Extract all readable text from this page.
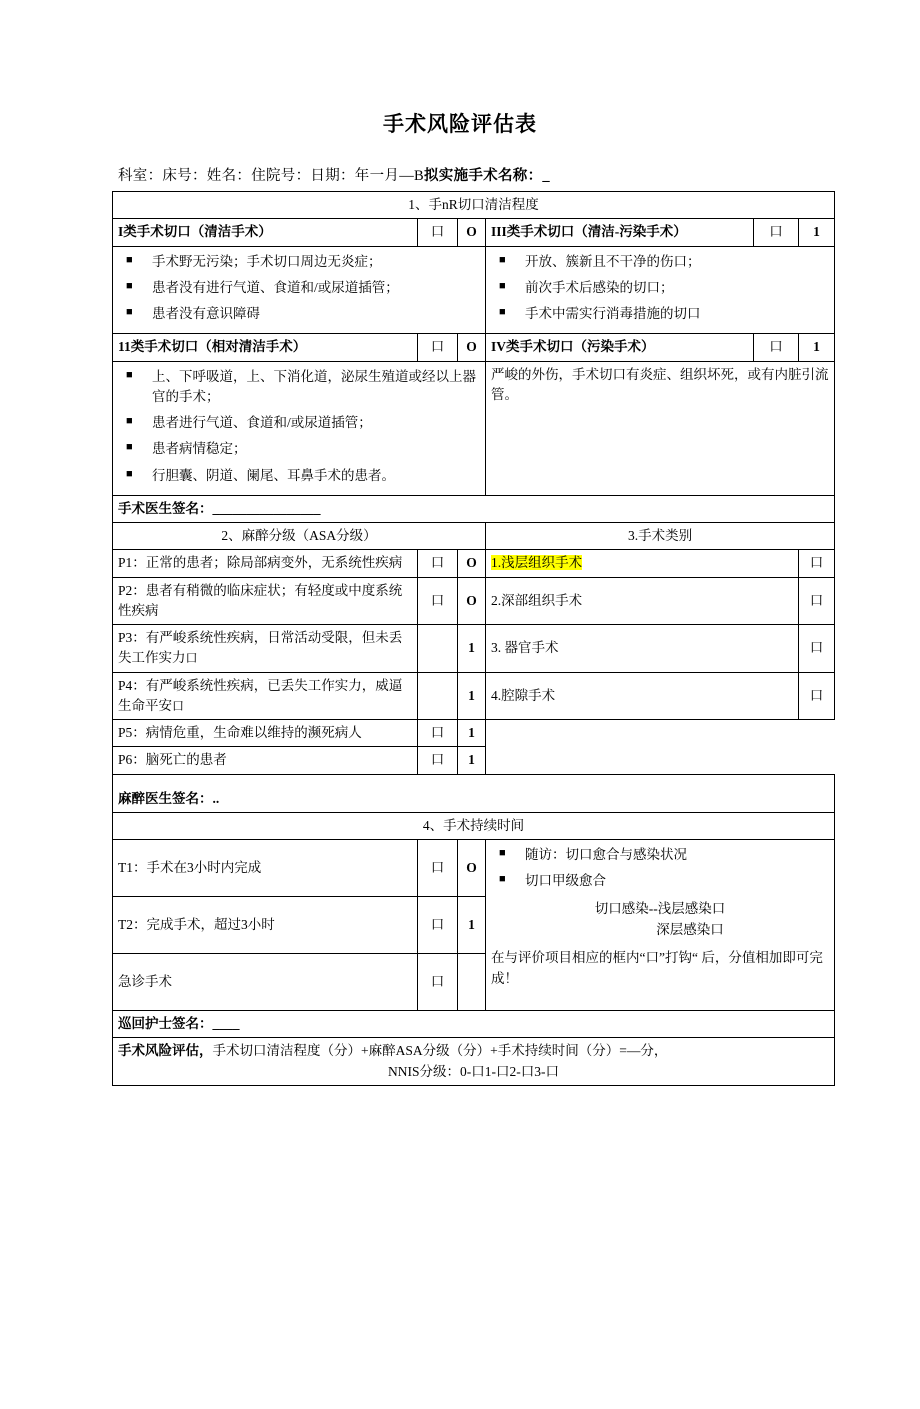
手术风险评估表
科室：床号：姓名：住院号：日期：年一月—B拟实施手术名称：_
1、手nR切口清洁程度					
I类手术切口（清洁手术）	口	O	III类手术切口（清洁-污染手术）	口	1

■ 手术野无污染；手术切口周边无炎症；
■ 患者没有进行气道、食道和/或尿道插管；
■ 患者没有意识障碍

■ 开放、簇新且不干净的伤口；
■ 前次手术后感染的切口；
■ 手术中需实行消毒措施的切口

11类手术切口（相对清洁手术）	口	O	IV类手术切口（污染手术）	口	1

■ 上、下呼吸道，上、下消化道，泌尿生殖道或经以上器官的手术；
■ 患者进行气道、食道和/或尿道插管；
■ 患者病情稳定；
■ 行胆囊、阴道、阑尾、耳鼻手术的患者。
	严峻的外伤，手术切口有炎症、组织坏死，或有内脏引流管。
手术医生签名：________________					
2、麻醉分级（ASA分级）			3.手术类别		
P1：正常的患者；除局部病变外，无系统性疾病	口	O	1.浅层组织手术		口
P2：患者有稍微的临床症状；有轻度或中度系统性疾病	口	O	2.深部组织手术		口
P3：有严峻系统性疾病，日常活动受限，但未丢失工作实力口		1	3. 器官手术		口
P4：有严峻系统性疾病，已丢失工作实力，威逼生命平安口		1	4.腔隙手术		口
P5：病情危重，生命难以维持的濒死病人	口	1			
P6：脑死亡的患者	口	1			
麻醉医生签名：..					
4、手术持续时间					
T1：手术在3小时内完成	口	O	
■ 随访：切口愈合与感染状况
■ 切口甲级愈合
切口感染--浅层感染口
深层感染口
在与评价项目相应的框内“口”打钩“ 后，分值相加即可完成！

T2：完成手术，超过3小时	口	1			
急诊手术	口				
巡回护士签名：____					
手术风险评估，手术切口清洁程度（分）+麻醉ASA分级（分）+手术持续时间（分）=—分，
NNIS分级：0-口1-口2-口3-口					
